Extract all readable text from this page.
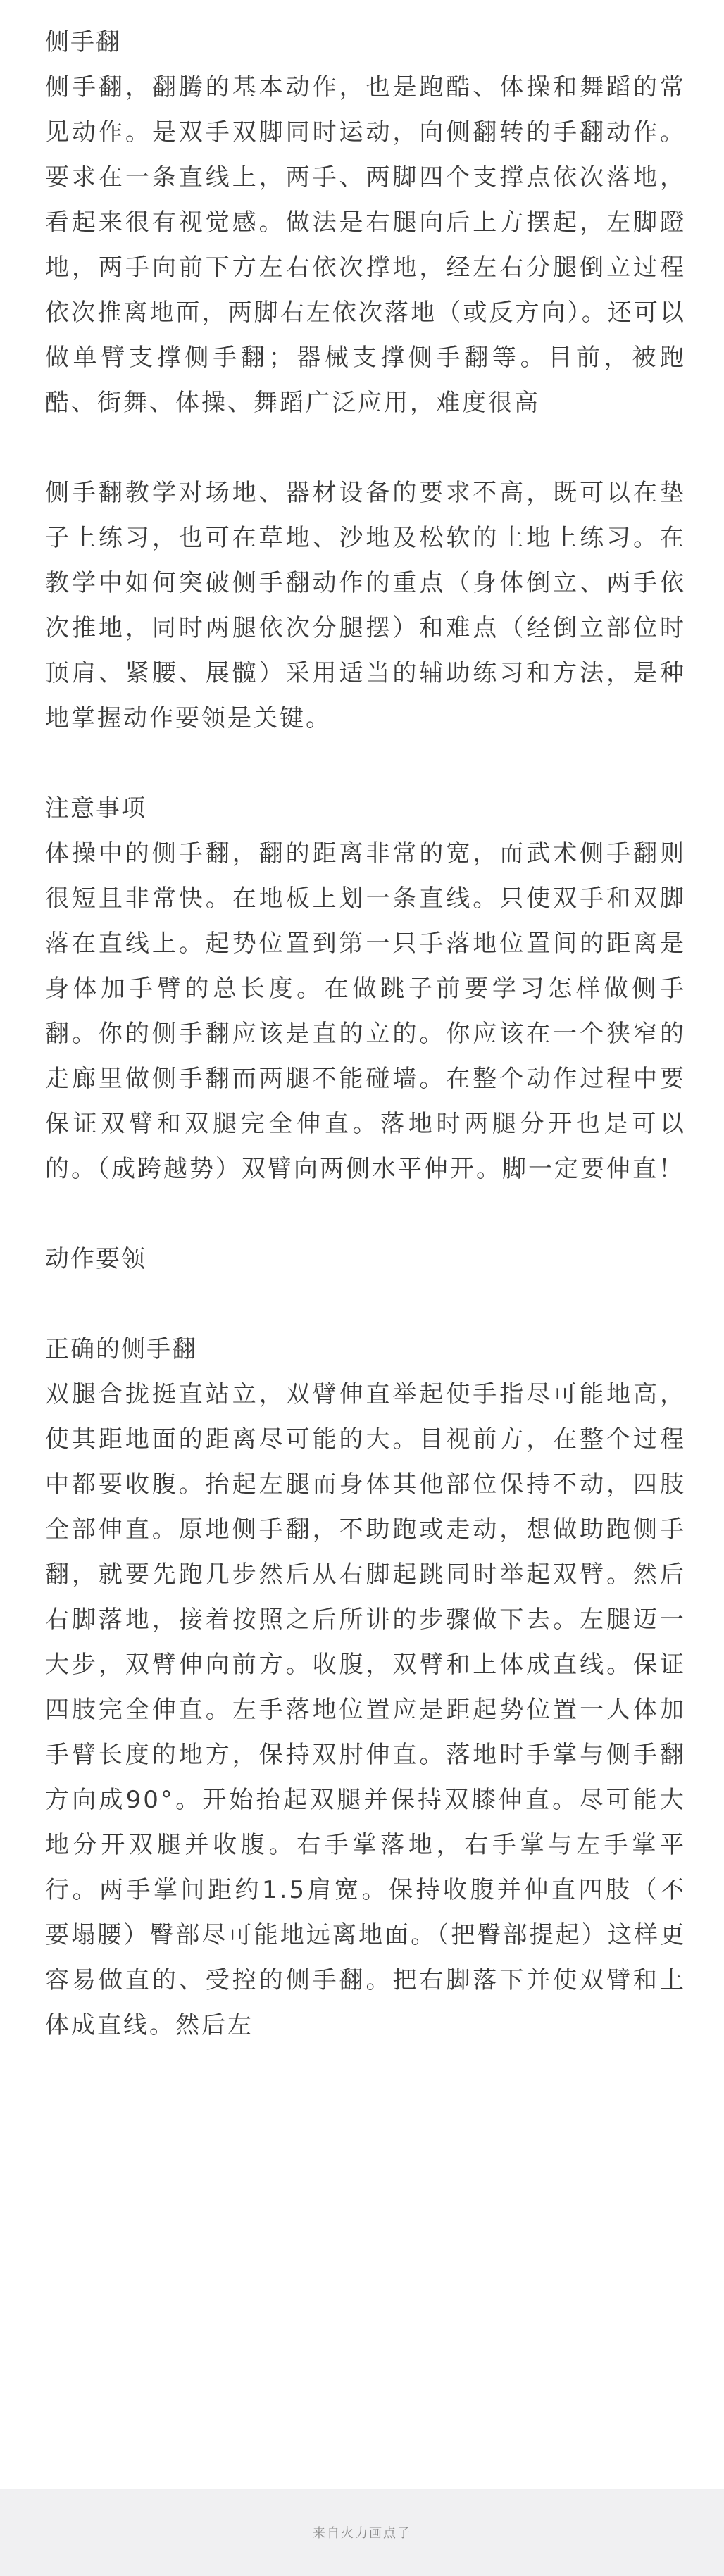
侧手翻

侧手翻，翻腾的基本动作，也是跑酷、体操和舞蹈的常见动作。是双手双脚同时运动，向侧翻转的手翻动作。要求在一条直线上，两手、两脚四个支撑点依次落地，看起来很有视觉感。做法是右腿向后上方摆起，左脚蹬地，两手向前下方左右依次撑地，经左右分腿倒立过程依次推离地面，两脚右左依次落地（或反方向）。还可以做单臂支撑侧手翻；器械支撑侧手翻等。目前，被跑酷、街舞、体操、舞蹈广泛应用，难度很高

侧手翻教学对场地、器材设备的要求不高，既可以在垫子上练习，也可在草地、沙地及松软的土地上练习。在教学中如何突破侧手翻动作的重点（身体倒立、两手依次推地，同时两腿依次分腿摆）和难点（经倒立部位时顶肩、紧腰、展髋）采用适当的辅助练习和方法，是种地掌握动作要领是关键。

注意事项

体操中的侧手翻，翻的距离非常的宽，而武术侧手翻则很短且非常快。在地板上划一条直线。只使双手和双脚落在直线上。起势位置到第一只手落地位置间的距离是身体加手臂的总长度。在做跳子前要学习怎样做侧手翻。你的侧手翻应该是直的立的。你应该在一个狭窄的走廊里做侧手翻而两腿不能碰墙。在整个动作过程中要保证双臂和双腿完全伸直。落地时两腿分开也是可以的。（成跨越势）双臂向两侧水平伸开。脚一定要伸直！

动作要领
正确的侧手翻

双腿合拢挺直站立，双臂伸直举起使手指尽可能地高，使其距地面的距离尽可能的大。目视前方，在整个过程中都要收腹。抬起左腿而身体其他部位保持不动，四肢全部伸直。原地侧手翻，不助跑或走动，想做助跑侧手翻，就要先跑几步然后从右脚起跳同时举起双臂。然后右脚落地，接着按照之后所讲的步骤做下去。左腿迈一大步，双臂伸向前方。收腹，双臂和上体成直线。保证四肢完全伸直。左手落地位置应是距起势位置一人体加手臂长度的地方，保持双肘伸直。落地时手掌与侧手翻方向成90°。开始抬起双腿并保持双膝伸直。尽可能大地分开双腿并收腹。右手掌落地，右手掌与左手掌平行。两手掌间距约1.5肩宽。保持收腹并伸直四肢（不要塌腰）臀部尽可能地远离地面。（把臀部提起）这样更容易做直的、受控的侧手翻。把右脚落下并使双臂和上体成直线。然后左

来自火力画点子
